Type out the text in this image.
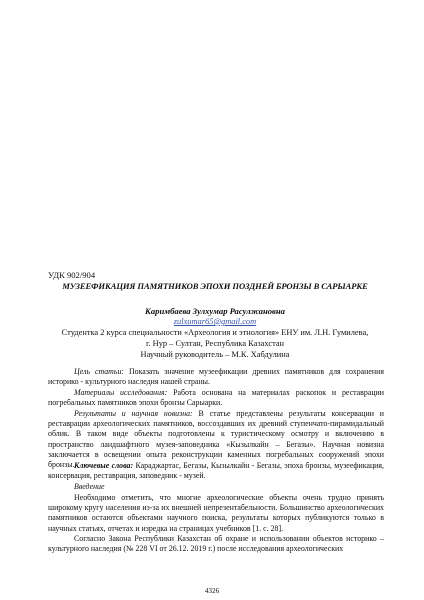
УДК 902/904
МУЗЕЕФИКАЦИЯ ПАМЯТНИКОВ ЭПОХИ ПОЗДНЕЙ БРОНЗЫ В САРЫАРКЕ
Каримбаева Зулхумар Расулжановна
zulxumar65@gmail.com
Студентка 2 курса специальности «Археология и этнология» ЕНУ им. Л.Н. Гумилева,
г. Нур – Султан, Республика Казахстан
Научный руководитель – М.К. Хабдулина
Цель статьи: Показать значение музеефикации древних памятников для сохранения историко - культурного наследия нашей страны.
Материалы исследования: Работа основана на материалах раскопок и реставрации погребальных памятников эпохи бронзы Сарыарки.
Результаты и научная новизна: В статье представлены результаты консервации и реставрации археологических памятников, воссоздавших их древний ступенчато-пирамидальный облик. В таком виде объекты подготовлены к туристическому осмотру и включению в пространство ландшафтного музея-заповедника «Кызылкайн – Бегазы». Научная новизна заключается в освещении опыта реконструкции каменных погребальных сооружений эпохи бронзы. Ключевые слова: Караджартас, Бегазы, Кызылкайн - Бегазы, эпоха бронзы, музеефикация, консервация, реставрация, заповедник - музей.
Введение
Необходимо отметить, что многие археологические объекты очень трудно принять широкому кругу населения из-за их внешней непрезентабельности. Большинство археологических памятников остаются объектами научного поиска, результаты которых публикуются только в научных статьях, отчетах и изредка на страницах учебников [1. с. 28].
Согласно Закона Республики Казахстан об охране и использовании объектов историко – культурного наследия (№ 228 VI от 26.12. 2019 г.) после исследования археологических
4326
